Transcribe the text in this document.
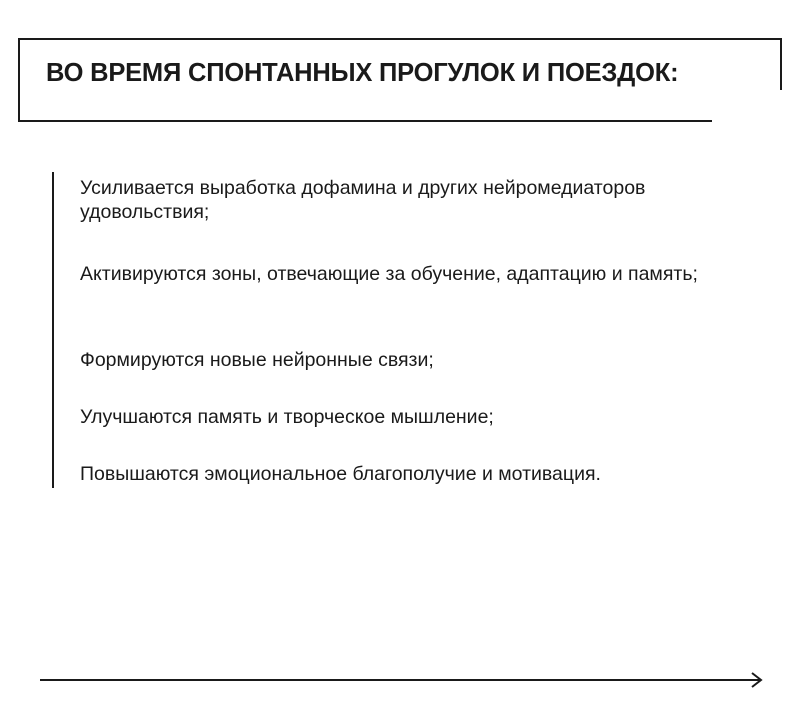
ВО ВРЕМЯ СПОНТАННЫХ ПРОГУЛОК И ПОЕЗДОК:

Усиливается выработка дофамина и других нейромедиаторов удовольствия;

Активируются зоны, отвечающие за обучение, адаптацию и память;

Формируются новые нейронные связи;

Улучшаются память и творческое мышление;

Повышаются эмоциональное благополучие и мотивация.
